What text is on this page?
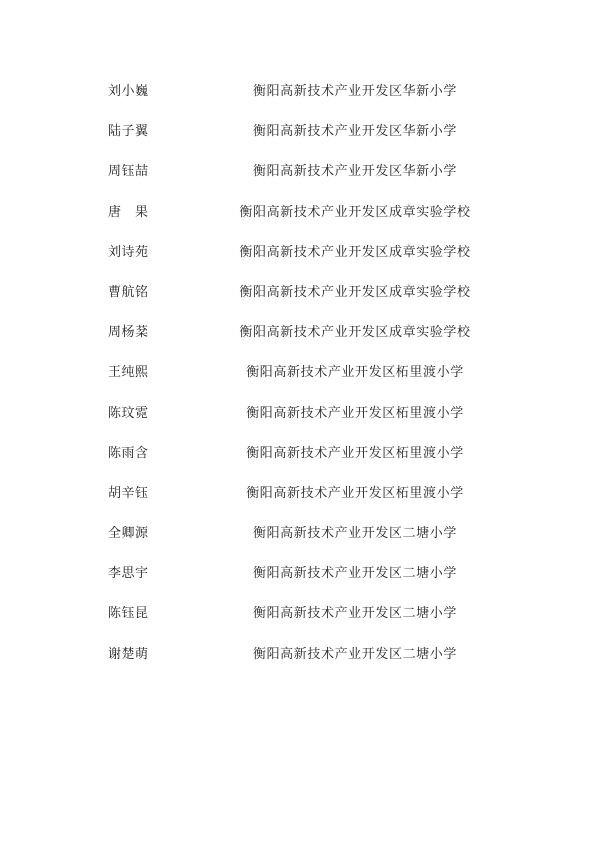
刘小巍	衡阳高新技术产业开发区华新小学
陆子翼	衡阳高新技术产业开发区华新小学
周钰喆	衡阳高新技术产业开发区华新小学
唐　果	衡阳高新技术产业开发区成章实验学校
刘诗苑	衡阳高新技术产业开发区成章实验学校
曹航铭	衡阳高新技术产业开发区成章实验学校
周杨棻	衡阳高新技术产业开发区成章实验学校
王纯熙	衡阳高新技术产业开发区柘里渡小学
陈玟霓	衡阳高新技术产业开发区柘里渡小学
陈雨含	衡阳高新技术产业开发区柘里渡小学
胡辛钰	衡阳高新技术产业开发区柘里渡小学
全卿源	衡阳高新技术产业开发区二塘小学
李思宇	衡阳高新技术产业开发区二塘小学
陈钰昆	衡阳高新技术产业开发区二塘小学
谢楚萌	衡阳高新技术产业开发区二塘小学
